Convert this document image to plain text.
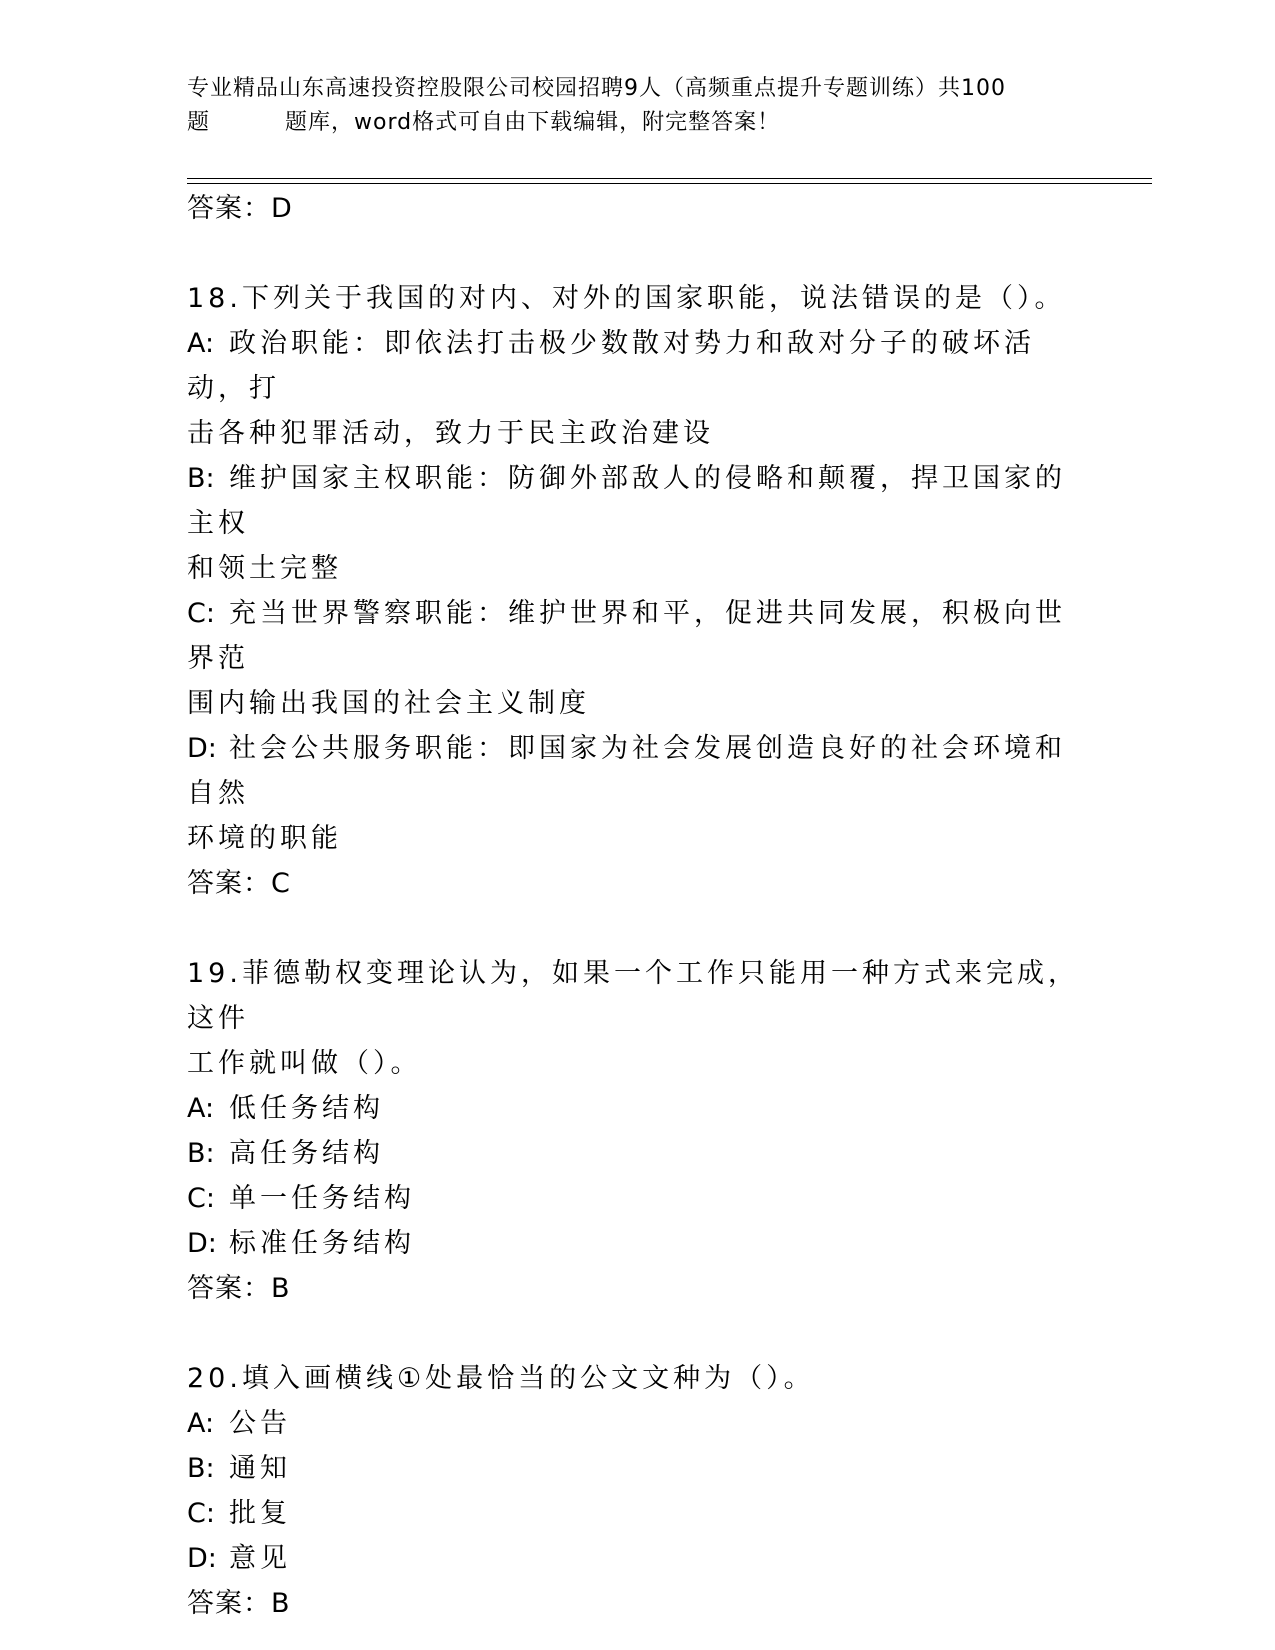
专业精品山东高速投资控股限公司校园招聘9人（高频重点提升专题训练）共100
题	题库，word格式可自由下载编辑，附完整答案！
答案：D
18.下列关于我国的对内、对外的国家职能，说法错误的是（）。
A: 政治职能：即依法打击极少数散对势力和敌对分子的破坏活动，打
击各种犯罪活动，致力于民主政治建设
B: 维护国家主权职能：防御外部敌人的侵略和颠覆，捍卫国家的主权
和领土完整
C: 充当世界警察职能：维护世界和平，促进共同发展，积极向世界范
围内输出我国的社会主义制度
D: 社会公共服务职能：即国家为社会发展创造良好的社会环境和自然
环境的职能
答案：C
19.菲德勒权变理论认为，如果一个工作只能用一种方式来完成，这件
工作就叫做（）。
A: 低任务结构
B: 高任务结构
C: 单一任务结构
D: 标准任务结构
答案：B
20.填入画横线①处最恰当的公文文种为（）。
A: 公告
B: 通知
C: 批复
D: 意见
答案：B
